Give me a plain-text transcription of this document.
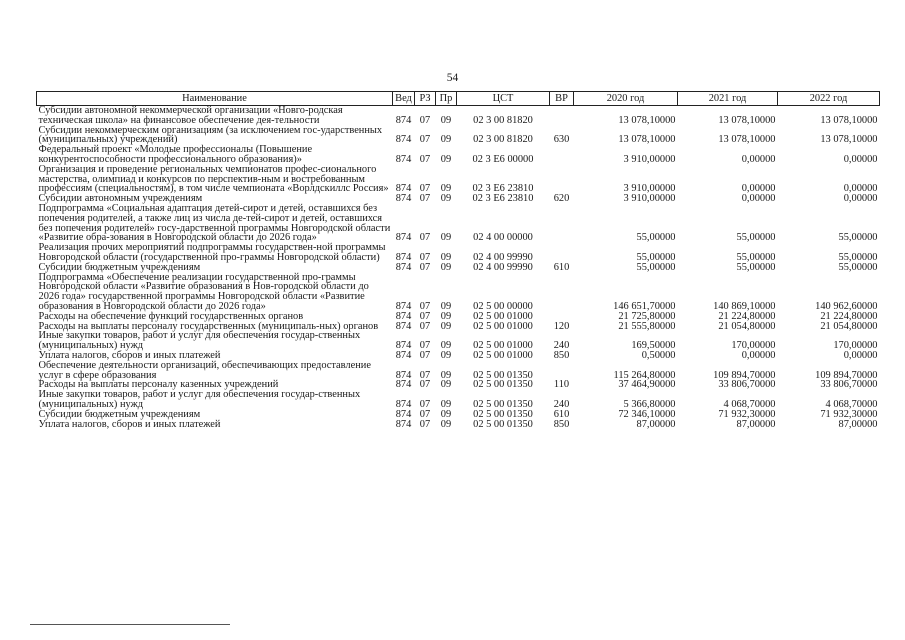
54
Наименование	Вед	РЗ	Пр	ЦСТ	ВР	2020 год	2021 год	2022 год
Субсидии автономной некоммерческой организации «Новго-родская техническая школа» на финансовое обеспечение дея-тельности	874	07	09	02 3 00 81820		13 078,10000	13 078,10000	13 078,10000
Субсидии некоммерческим организациям (за исключением гос-ударственных (муниципальных) учреждений)	874	07	09	02 3 00 81820	630	13 078,10000	13 078,10000	13 078,10000
Федеральный проект «Молодые профессионалы (Повышение конкурентоспособности профессионального образования)»	874	07	09	02 3 E6 00000		3 910,00000	0,00000	0,00000
Организация и проведение региональных чемпионатов профес-сионального мастерства, олимпиад и конкурсов по перспектив-ным и востребованным профессиям (специальностям), в том числе чемпионата «Ворлдскиллс Россия»	874	07	09	02 3 E6 23810		3 910,00000	0,00000	0,00000
Субсидии автономным учреждениям	874	07	09	02 3 E6 23810	620	3 910,00000	0,00000	0,00000
Подпрограмма «Социальная адаптация детей-сирот и детей, оставшихся без попечения родителей, а также лиц из числа де-тей-сирот и детей, оставшихся без попечения родителей» госу-дарственной программы Новгородской области «Развитие обра-зования в Новгородской области до 2026 года»	874	07	09	02 4 00 00000		55,00000	55,00000	55,00000
Реализация прочих мероприятий подпрограммы государствен-ной программы Новгородской области (государственной про-граммы Новгородской области)	874	07	09	02 4 00 99990		55,00000	55,00000	55,00000
Субсидии бюджетным учреждениям	874	07	09	02 4 00 99990	610	55,00000	55,00000	55,00000
Подпрограмма «Обеспечение реализации государственной про-граммы Новгородской области «Развитие образования в Нов-городской области до 2026 года» государственной программы Новгородской области «Развитие образования в Новгородской области до 2026 года»	874	07	09	02 5 00 00000		146 651,70000	140 869,10000	140 962,60000
Расходы на обеспечение функций государственных органов	874	07	09	02 5 00 01000		21 725,80000	21 224,80000	21 224,80000
Расходы на выплаты персоналу государственных (муниципаль-ных) органов	874	07	09	02 5 00 01000	120	21 555,80000	21 054,80000	21 054,80000
Иные закупки товаров, работ и услуг для обеспечения государ-ственных (муниципальных) нужд	874	07	09	02 5 00 01000	240	169,50000	170,00000	170,00000
Уплата налогов, сборов и иных платежей	874	07	09	02 5 00 01000	850	0,50000	0,00000	0,00000
Обеспечение деятельности организаций, обеспечивающих предоставление услуг в сфере образования	874	07	09	02 5 00 01350		115 264,80000	109 894,70000	109 894,70000
Расходы на выплаты персоналу казенных учреждений	874	07	09	02 5 00 01350	110	37 464,90000	33 806,70000	33 806,70000
Иные закупки товаров, работ и услуг для обеспечения государ-ственных (муниципальных) нужд	874	07	09	02 5 00 01350	240	5 366,80000	4 068,70000	4 068,70000
Субсидии бюджетным учреждениям	874	07	09	02 5 00 01350	610	72 346,10000	71 932,30000	71 932,30000
Уплата налогов, сборов и иных платежей	874	07	09	02 5 00 01350	850	87,00000	87,00000	87,00000
